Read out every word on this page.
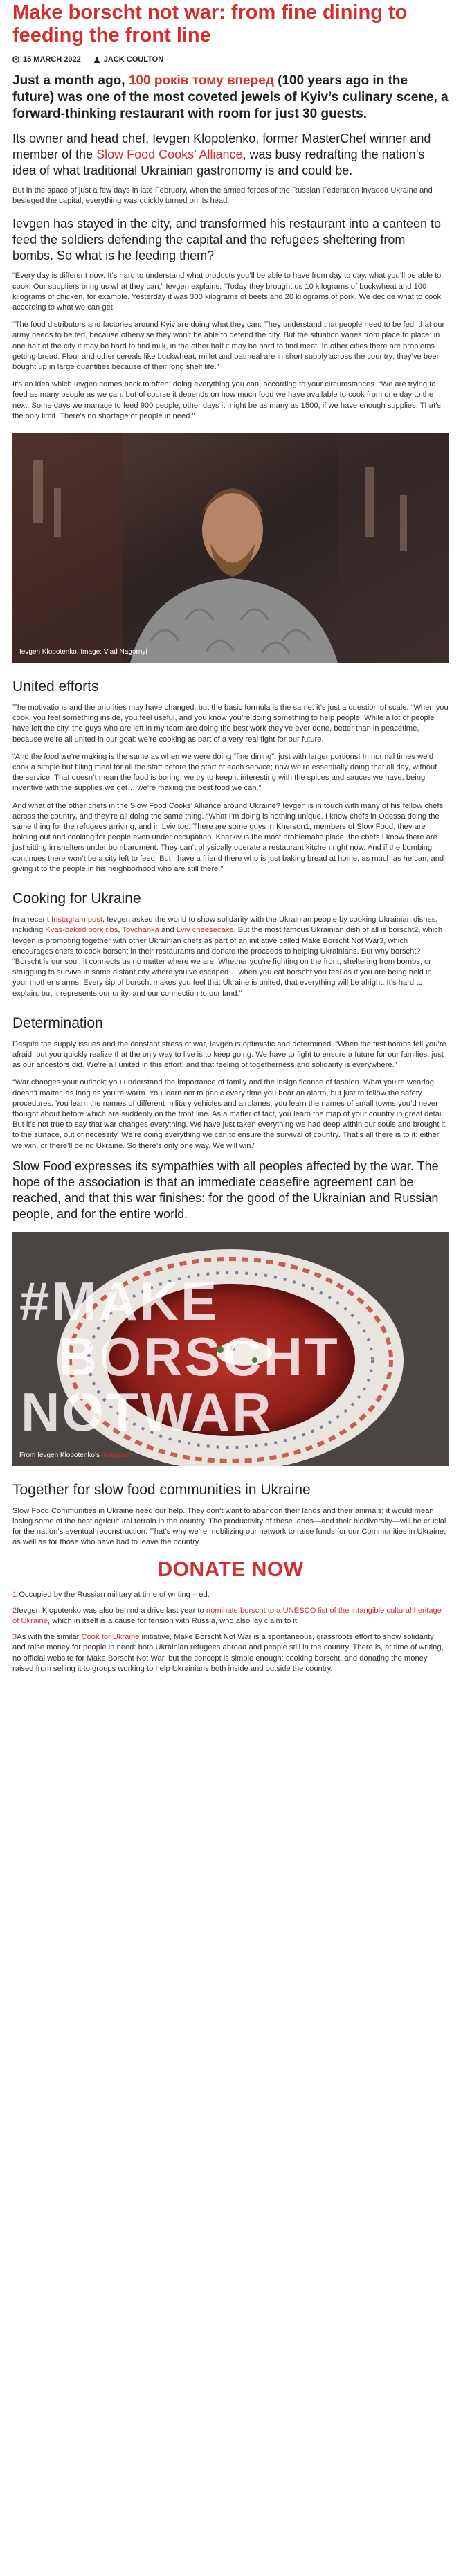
Make borscht not war: from fine dining to feeding the front line
15 MARCH 2022	JACK COULTON
Just a month ago, 100 років тому вперед (100 years ago in the future) was one of the most coveted jewels of Kyiv’s culinary scene, a forward-thinking restaurant with room for just 30 guests.
Its owner and head chef, Ievgen Klopotenko, former MasterChef winner and member of the Slow Food Cooks’ Alliance, was busy redrafting the nation’s idea of what traditional Ukrainian gastronomy is and could be.

But in the space of just a few days in late February, when the armed forces of the Russian Federation invaded Ukraine and besieged the capital, everything was quickly turned on its head.

Ievgen has stayed in the city, and transformed his restaurant into a canteen to feed the soldiers defending the capital and the refugees sheltering from bombs. So what is he feeding them?

“Every day is different now. It’s hard to understand what products you’ll be able to have from day to day, what you’ll be able to cook. Our suppliers bring us what they can,” Ievgen explains. “Today they brought us 10 kilograms of buckwheat and 100 kilograms of chicken, for example. Yesterday it was 300 kilograms of beets and 20 kilograms of pork. We decide what to cook according to what we can get.

“The food distributors and factories around Kyiv are doing what they can. They understand that people need to be fed, that our army needs to be fed, because otherwise they won’t be able to defend the city. But the situation varies from place to place: in one half of the city it may be hard to find milk, in the other half it may be hard to find meat. In other cities there are problems getting bread. Flour and other cereals like buckwheat, millet and oatmeal are in short supply across the country; they’ve been bought up in large quantities because of their long shelf life.”

It’s an idea which Ievgen comes back to often: doing everything you can, according to your circumstances. “We are trying to feed as many people as we can, but of course it depends on how much food we have available to cook from one day to the next. Some days we manage to feed 900 people, other days it might be as many as 1500, if we have enough supplies. That’s the only limit. There’s no shortage of people in need.”

Ievgen Klopotenko. Image: Vlad Nagornyi
United efforts

The motivations and the priorities may have changed, but the basic formula is the same: it’s just a question of scale. “When you cook, you feel something inside, you feel useful, and you know you’re doing something to help people. While a lot of people have left the city, the guys who are left in my team are doing the best work they’ve ever done, better than in peacetime, because we’re all united in our goal: we’re cooking as part of a very real fight for our future.

“And the food we’re making is the same as when we were doing “fine dining”, just with larger portions! In normal times we’d cook a simple but filling meal for all the staff before the start of each service; now we’re essentially doing that all day, without the service. That doesn’t mean the food is boring: we try to keep it interesting with the spices and sauces we have, being inventive with the supplies we get… we’re making the best food we can.”

And what of the other chefs in the Slow Food Cooks’ Alliance around Ukraine? Ievgen is in touch with many of his fellow chefs across the country, and they’re all doing the same thing. “What I’m doing is nothing unique. I know chefs in Odessa doing the same thing for the refugees arriving, and in Lviv too. There are some guys in Kherson1, members of Slow Food, they are holding out and cooking for people even under occupation. Kharkiv is the most problematic place, the chefs I know there are just sitting in shelters under bombardment. They can’t physically operate a restaurant kitchen right now. And if the bombing continues there won’t be a city left to feed. But I have a friend there who is just baking bread at home, as much as he can, and giving it to the people in his neighborhood who are still there.”

Cooking for Ukraine

In a recent Instagram post, Ievgen asked the world to show solidarity with the Ukrainian people by cooking Ukrainian dishes, including Kvas-baked pork ribs, Tovchanka and Lviv cheesecake. But the most famous Ukrainian dish of all is borscht2, which Ievgen is promoting together with other Ukrainian chefs as part of an initiative called Make Borscht Not War3, which encourages chefs to cook borscht in their restaurants and donate the proceeds to helping Ukrainians. But why borscht? “Borscht is our soul, it connects us no matter where we are. Whether you’re fighting on the front, sheltering from bombs, or struggling to survive in some distant city where you’ve escaped… when you eat borscht you feel as if you are being held in your mother’s arms. Every sip of borscht makes you feel that Ukraine is united, that everything will be alright. It’s hard to explain, but it represents our unity, and our connection to our land.”

Determination

Despite the supply issues and the constant stress of war, Ievgen is optimistic and determined. “When the first bombs fell you’re afraid, but you quickly realize that the only way to live is to keep going. We have to fight to ensure a future for our families, just as our ancestors did. We’re all united in this effort, and that feeling of togetherness and solidarity is everywhere.”

“War changes your outlook; you understand the importance of family and the insignificance of fashion. What you’re wearing doesn’t matter, as long as you’re warm. You learn not to panic every time you hear an alarm, but just to follow the safety procedures. You learn the names of different military vehicles and airplanes, you learn the names of small towns you’d never thought about before which are suddenly on the front line. As a matter of fact, you learn the map of your country in great detail. But it’s not true to say that war changes everything. We have just taken everything we had deep within our souls and brought it to the surface, out of necessity. We’re doing everything we can to ensure the survival of country. That’s all there is to it: either we win, or there’ll be no Ukraine. So there’s only one way. We will win.”

Slow Food expresses its sympathies with all peoples affected by the war. The hope of the association is that an immediate ceasefire agreement can be reached, and that this war finishes: for the good of the Ukrainian and Russian people, and for the entire world.
#MAKE
BORSCHT
NOTWAR
From Ievgen Klopotenko’s Instagram
Together for slow food communities in Ukraine

Slow Food Communities in Ukraine need our help. They don’t want to abandon their lands and their animals; it would mean losing some of the best agricultural terrain in the country. The productivity of these lands—and their biodiversity—will be crucial for the nation’s eventual reconstruction. That’s why we’re mobilizing our network to raise funds for our Communities in Ukraine, as well as for those who have had to leave the country.

DONATE NOW

1 Occupied by the Russian military at time of writing – ed.

2Ievgen Klopotenko was also behind a drive last year to nominate borscht to a UNESCO list of the intangible cultural heritage of Ukraine, which in itself is a cause for tension with Russia, who also lay claim to it.

3As with the similar Cook for Ukraine initiative, Make Borscht Not War is a spontaneous, grassroots effort to show solidarity and raise money for people in need: both Ukrainian refugees abroad and people still in the country. There is, at time of writing, no official website for Make Borscht Not War, but the concept is simple enough: cooking borscht, and donating the money raised from selling it to groups working to help Ukrainians both inside and outside the country.
